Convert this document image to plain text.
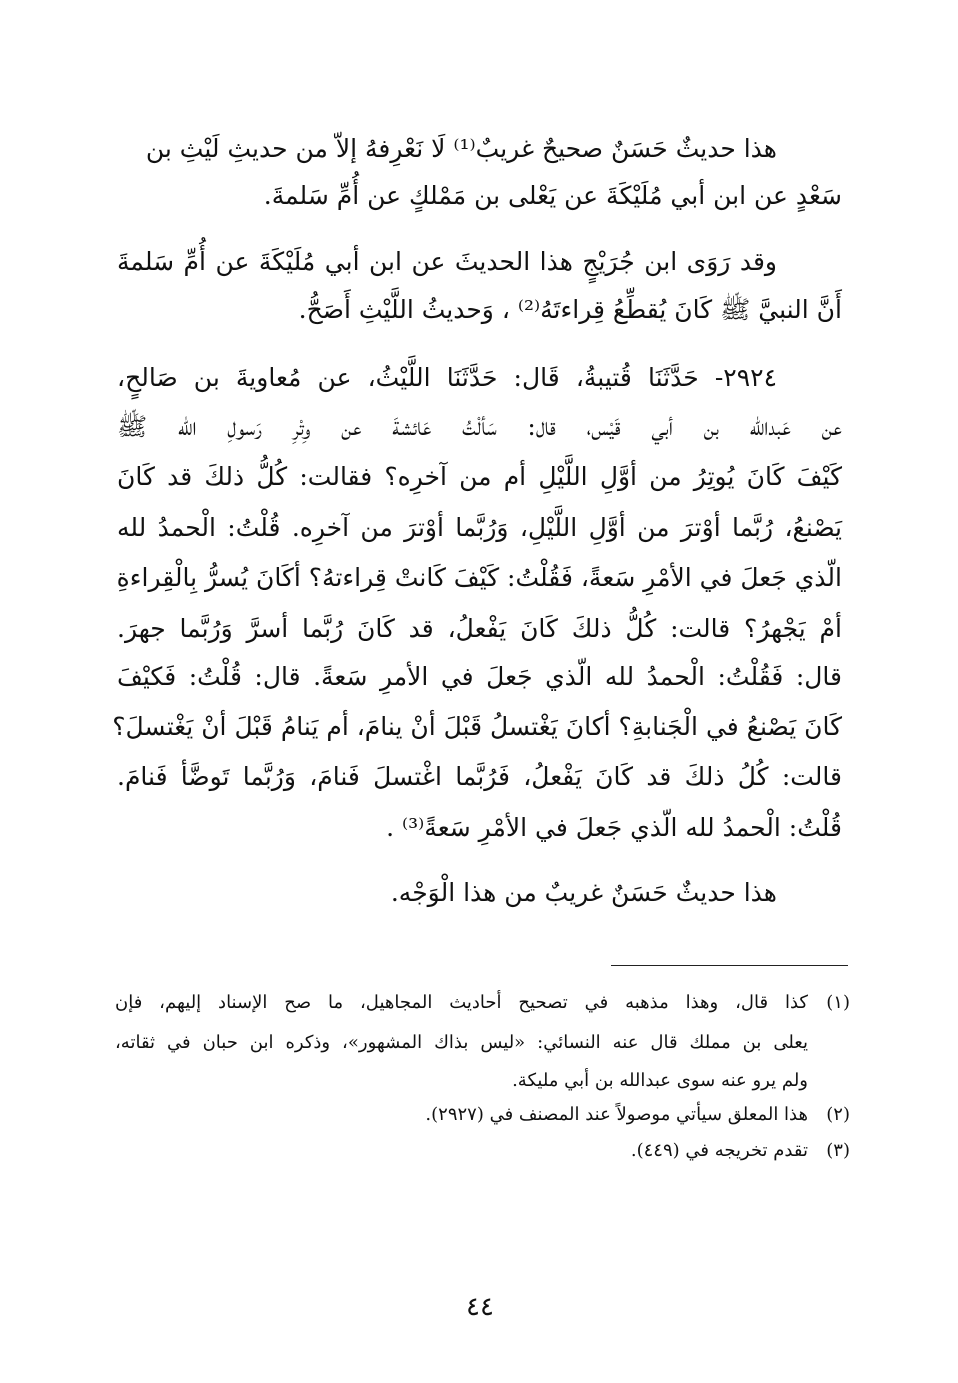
هذا حديثٌ حَسَنٌ صحيحٌ غريبٌ⁽¹⁾ لَا نَعْرِفهُ إلاّ من حديثِ لَيْثِ بن
سَعْدٍ عن ابن أبي مُلَيْكَةَ عن يَعْلى بن مَمْلكٍ عن أُمِّ سَلمةَ.
وقد رَوَى ابن جُرَيْجٍ هذا الحديثَ عن ابن أبي مُلَيْكَةَ عن أُمِّ سَلمةَ
أَنَّ النبيَّ ﷺ كَانَ يُقطِّعُ قِراءتَهُ⁽²⁾ ، وَحديثُ اللَّيْثِ أَصَحُّ.
٢٩٢٤- حَدَّثَنَا قُتيبةُ، قَال: حَدَّثَنَا اللَّيْثُ، عن مُعاويةَ بن صَالحٍ،
عن عَبدالله بن أبي قَيْس، قال: سَألْتُ عَائشةَ عن وِتْرِ رَسولِ الله ﷺ
كَيْفَ كَانَ يُوتِرُ من أوَّلِ اللَّيْلِ أم من آخرِه؟ فقالت: كُلُّ ذلكَ قد كَانَ
يَصْنعُ، رُبَّما أوْترَ من أوَّلِ اللَّيْلِ، وَرُبَّما أوْترَ من آخرِه. قُلْتُ: الْحمدُ لله
الّذي جَعلَ في الأمْرِ سَعةً، فَقُلْتُ: كَيْفَ كَانتْ قِراءتهُ؟ أكَانَ يُسرُّ بِالْقِراءةِ
أمْ يَجْهرُ؟ قالت: كُلُّ ذلكَ كَانَ يَفْعلُ، قد كَانَ رُبَّما أسرَّ وَرُبَّما جهرَ.
قال: فَقُلْتُ: الْحمدُ لله الّذي جَعلَ في الأمرِ سَعةً. قال: قُلْتُ: فَكيْفَ
كَانَ يَصْنعُ في الْجَنابةِ؟ أكانَ يَغْتسلُ قَبْلَ أنْ ينامَ، أم يَنامُ قَبْلَ أنْ يَغْتسلَ؟
قالت: كُلُ ذلكَ قد كَانَ يَفْعلُ، فَرُبَّما اغْتسلَ فَنامَ، وَرُبَّما تَوضَّأ فَنامَ.
قُلْتُ: الْحمدُ لله الّذي جَعلَ في الأمْرِ سَعةً⁽³⁾ .
هذا حديثٌ حَسَنٌ غريبٌ من هذا الْوَجْه.
(١)
كذا قال، وهذا مذهبه في تصحيح أحاديث المجاهيل، ما صح الإسناد إليهم، فإن
يعلى بن مملك قال عنه النسائي: «ليس بذاك المشهور»، وذكره ابن حبان في ثقاته،
ولم يرو عنه سوى عبدالله بن أبي مليكة.
(٢)
هذا المعلق سيأتي موصولاً عند المصنف في (٢٩٢٧).
(٣)
تقدم تخريجه في (٤٤٩).
٤٤
